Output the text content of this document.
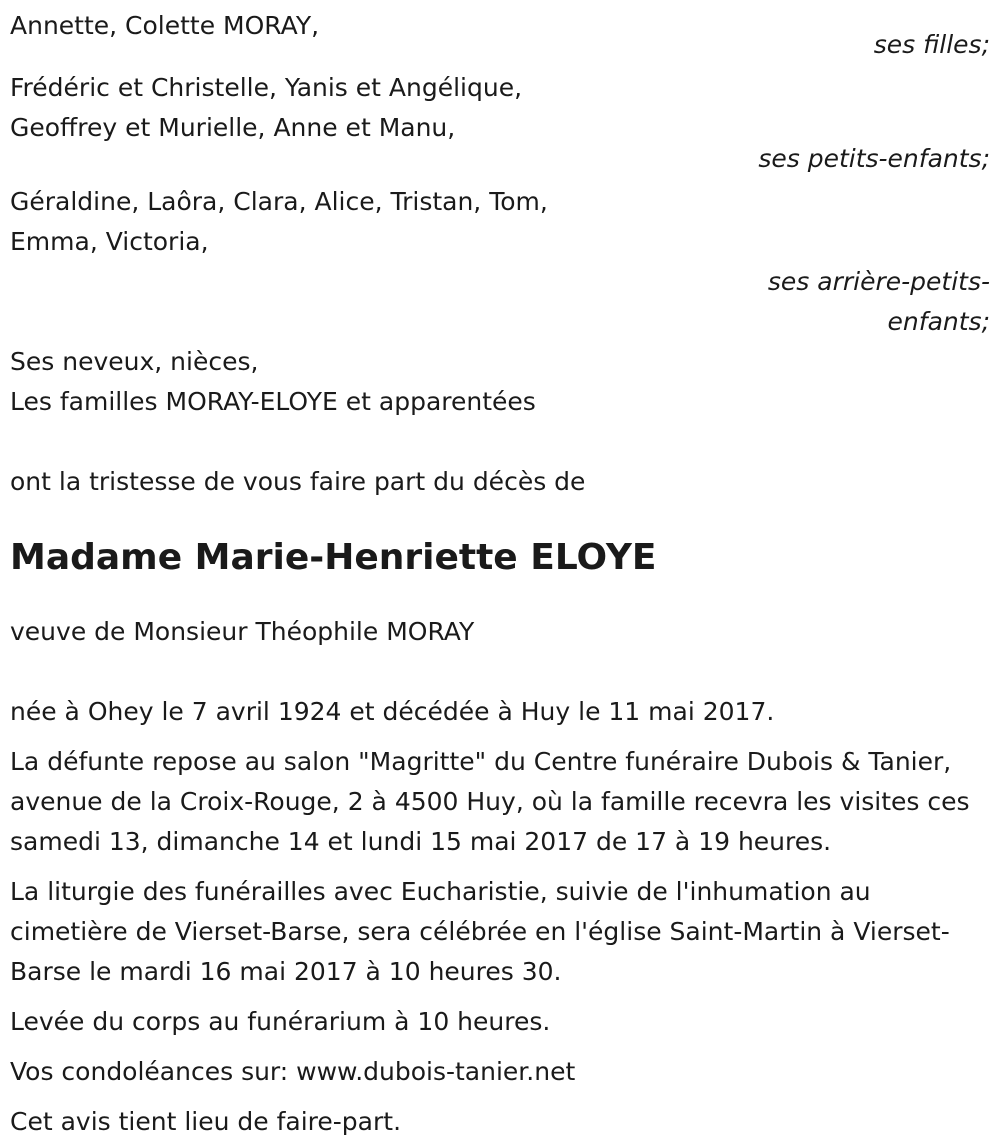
Annette, Colette MORAY,
ses filles;
Frédéric et Christelle, Yanis et Angélique,
Geoffrey et Murielle, Anne et Manu,
ses petits-enfants;
Géraldine, Laôra, Clara, Alice, Tristan, Tom,
Emma, Victoria,
ses arrière-petits-
enfants;
Ses neveux, nièces,
Les familles MORAY-ELOYE et apparentées
ont la tristesse de vous faire part du décès de
Madame Marie-Henriette ELOYE
veuve de Monsieur Théophile MORAY

née à Ohey le 7 avril 1924 et décédée à Huy le 11 mai 2017.

La défunte repose au salon "Magritte" du Centre funéraire Dubois & Tanier, avenue de la Croix-Rouge, 2 à 4500 Huy, où la famille recevra les visites ces samedi 13, dimanche 14 et lundi 15 mai 2017 de 17 à 19 heures.

La liturgie des funérailles avec Eucharistie, suivie de l'inhumation au cimetière de Vierset-Barse, sera célébrée en l'église Saint-Martin à Vierset-Barse le mardi 16 mai 2017 à 10 heures 30.

Levée du corps au funérarium à 10 heures.

Vos condoléances sur: www.dubois-tanier.net

Cet avis tient lieu de faire-part.
